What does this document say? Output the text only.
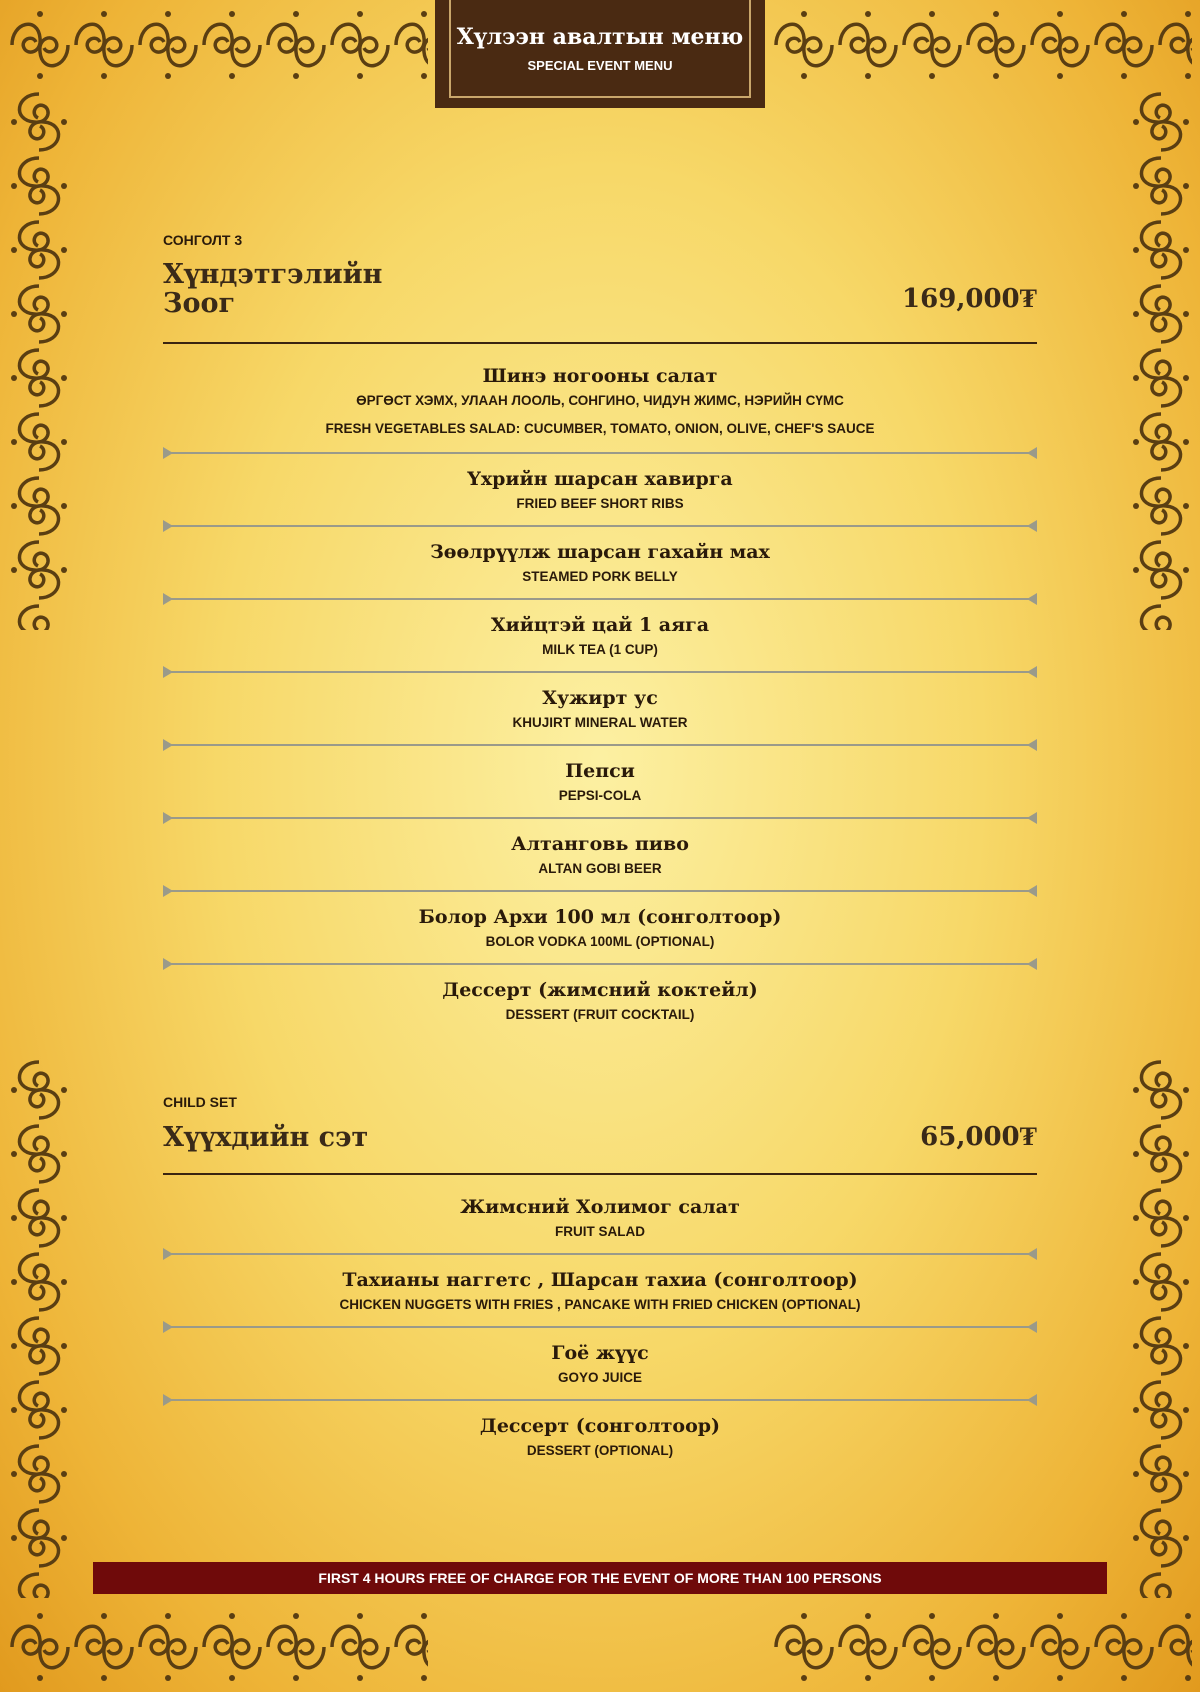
Хүлээн авалтын меню
SPECIAL EVENT MENU
СОНГОЛТ 3
Хүндэтгэлийн Зоог	169,000₮
Шинэ ногооны салат
ӨРГӨСТ ХЭМХ, УЛААН ЛООЛЬ, СОНГИНО, ЧИДУН ЖИМС, НЭРИЙН СҮМС
FRESH VEGETABLES SALAD: CUCUMBER, TOMATO, ONION, OLIVE, CHEF'S SAUCE
Үхрийн шарсан хавирга
FRIED BEEF SHORT RIBS
Зөөлрүүлж шарсан гахайн мах
STEAMED PORK BELLY
Хийцтэй цай 1 аяга
MILK TEA (1 CUP)
Хужирт ус
KHUJIRT MINERAL WATER
Пепси
PEPSI-COLA
Алтанговь пиво
ALTAN GOBI BEER
Болор Архи 100 мл (сонголтоор)
BOLOR VODKA 100ML (OPTIONAL)
Дессерт (жимсний коктейл)
DESSERT (FRUIT COCKTAIL)
CHILD SET
Хүүхдийн сэт	65,000₮
Жимсний Холимог салат
FRUIT SALAD
Тахианы наггетс , Шарсан тахиа (сонголтоор)
CHICKEN NUGGETS WITH FRIES , PANCAKE WITH FRIED CHICKEN (OPTIONAL)
Гоё жүүс
GOYO JUICE
Дессерт (сонголтоор)
DESSERT (OPTIONAL)
FIRST 4 HOURS FREE OF CHARGE FOR THE EVENT OF MORE THAN 100 PERSONS
